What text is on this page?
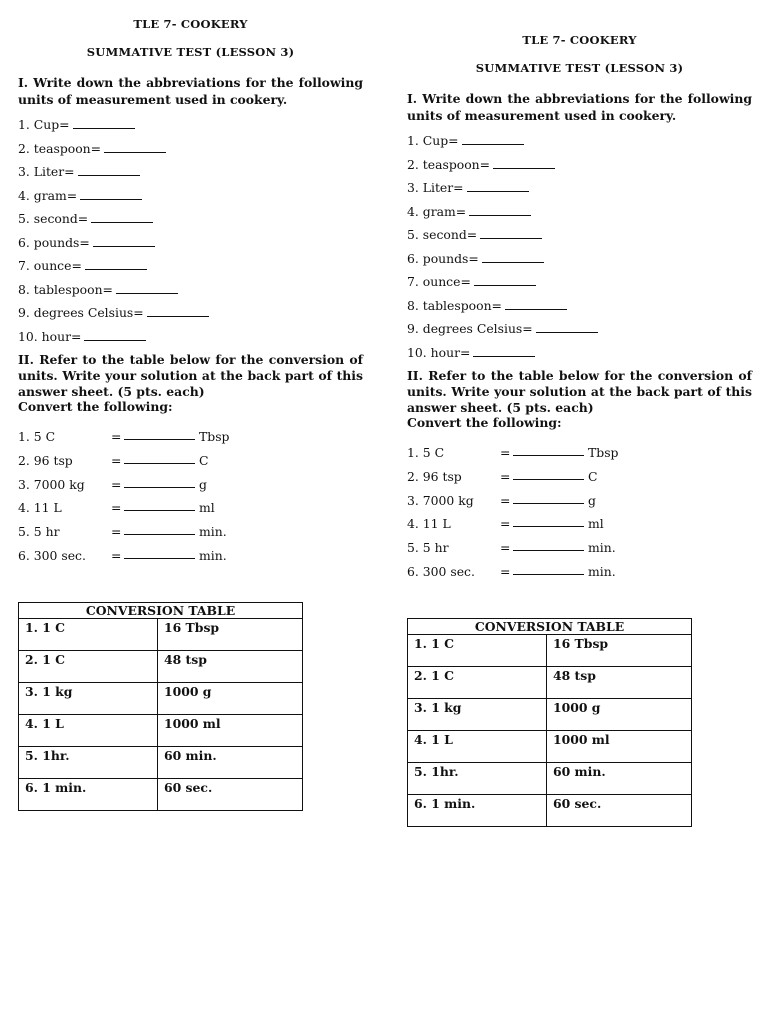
TLE 7- COOKERY
SUMMATIVE TEST (LESSON 3)
I. Write down the abbreviations for the following units of measurement used in cookery.
1. Cup=
2. teaspoon=
3. Liter=
4. gram=
5. second=
6. pounds=
7. ounce=
8. tablespoon=
9. degrees Celsius=
10. hour=
II. Refer to the table below for the conversion of units. Write your solution at the back part of this answer sheet. (5 pts. each)
Convert the following:
1. 5 C	=	Tbsp
2. 96 tsp	=	C
3. 7000 kg =	g
4. 11 L	=	ml
5. 5 hr	=	min.
6. 300 sec. =	min.
CONVERSION TABLE	
1. 1 C	16 Tbsp
2. 1 C	48 tsp
3. 1 kg	1000 g
4. 1 L	1000 ml
5. 1hr.	60 min.
6. 1 min.	60 sec.
TLE 7- COOKERY
SUMMATIVE TEST (LESSON 3)
I. Write down the abbreviations for the following units of measurement used in cookery.
1. Cup=
2. teaspoon=
3. Liter=
4. gram=
5. second=
6. pounds=
7. ounce=
8. tablespoon=
9. degrees Celsius=
10. hour=
II. Refer to the table below for the conversion of units. Write your solution at the back part of this answer sheet. (5 pts. each)
Convert the following:
1. 5 C	=	Tbsp
2. 96 tsp	=	C
3. 7000 kg =	g
4. 11 L	=	ml
5. 5 hr	=	min.
6. 300 sec. =	min.
CONVERSION TABLE	
1. 1 C	16 Tbsp
2. 1 C	48 tsp
3. 1 kg	1000 g
4. 1 L	1000 ml
5. 1hr.	60 min.
6. 1 min.	60 sec.
